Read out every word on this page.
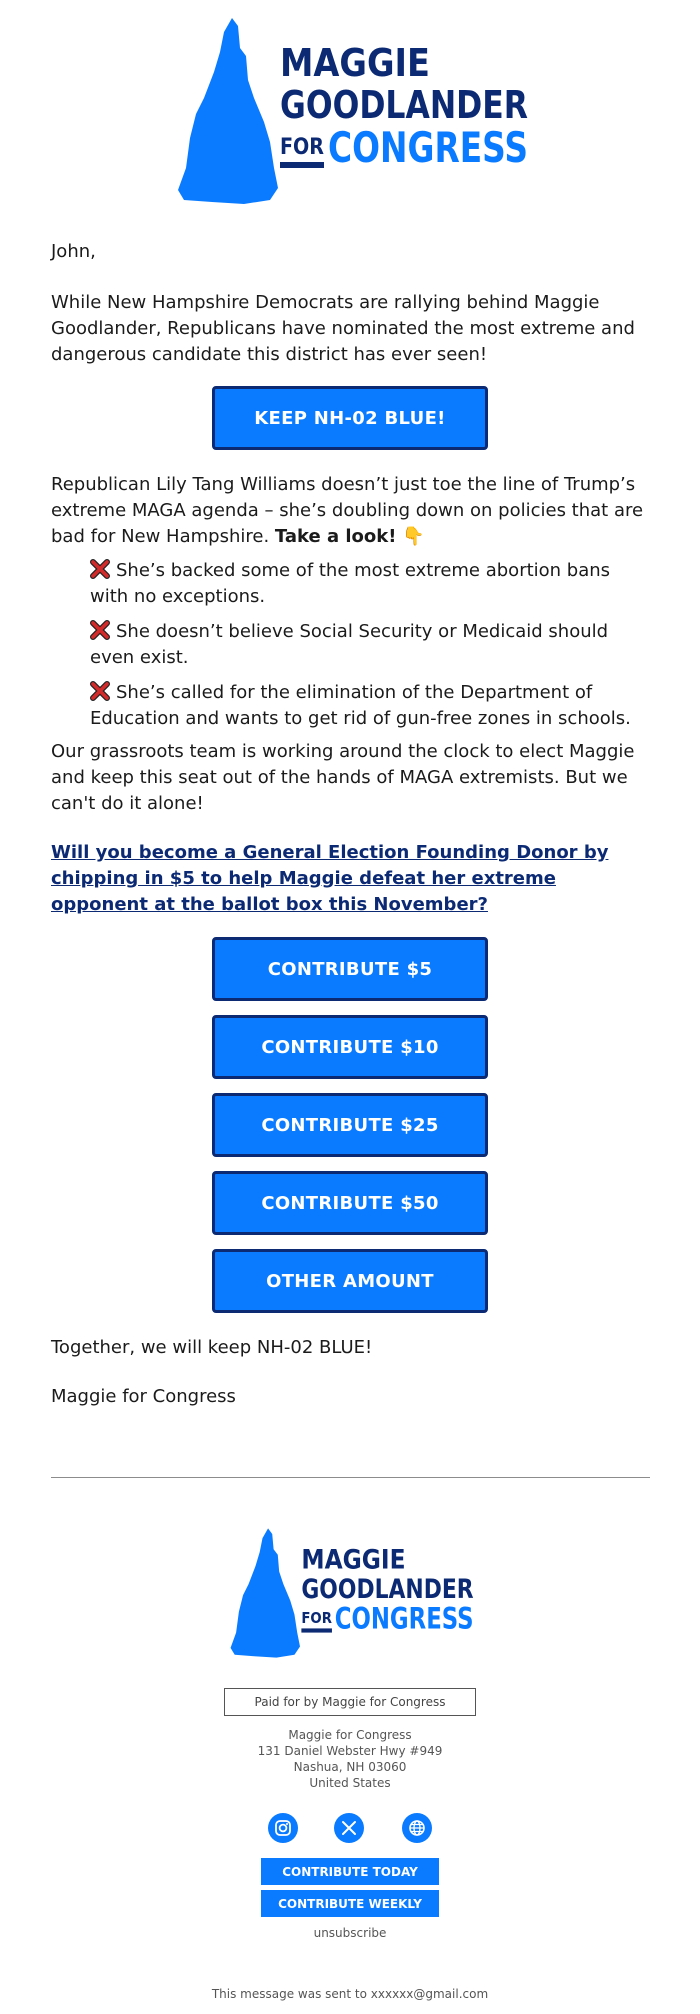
MAGGIE
GOODLANDER
FOR CONGRESS

John,

While New Hampshire Democrats are rallying behind Maggie Goodlander, Republicans have nominated the most extreme and dangerous candidate this district has ever seen!

KEEP NH-02 BLUE!

Republican Lily Tang Williams doesn’t just toe the line of Trump’s extreme MAGA agenda – she’s doubling down on policies that are bad for New Hampshire. Take a look! 👇

She’s backed some of the most extreme abortion bans with no exceptions.
She doesn’t believe Social Security or Medicaid should even exist.
She’s called for the elimination of the Department of Education and wants to get rid of gun-free zones in schools.

Our grassroots team is working around the clock to elect Maggie and keep this seat out of the hands of MAGA extremists. But we can't do it alone!

Will you become a General Election Founding Donor by chipping in $5 to help Maggie defeat her extreme opponent at the ballot box this November?
CONTRIBUTE $5
CONTRIBUTE $10
CONTRIBUTE $25
CONTRIBUTE $50
OTHER AMOUNT

Together, we will keep NH-02 BLUE!

Maggie for Congress

MAGGIE
GOODLANDER
FOR CONGRESS
Paid for by Maggie for Congress
Maggie for Congress
131 Daniel Webster Hwy #949
Nashua, NH 03060
United States
CONTRIBUTE TODAY
CONTRIBUTE WEEKLY
unsubscribe
This message was sent to xxxxxx@gmail.com
